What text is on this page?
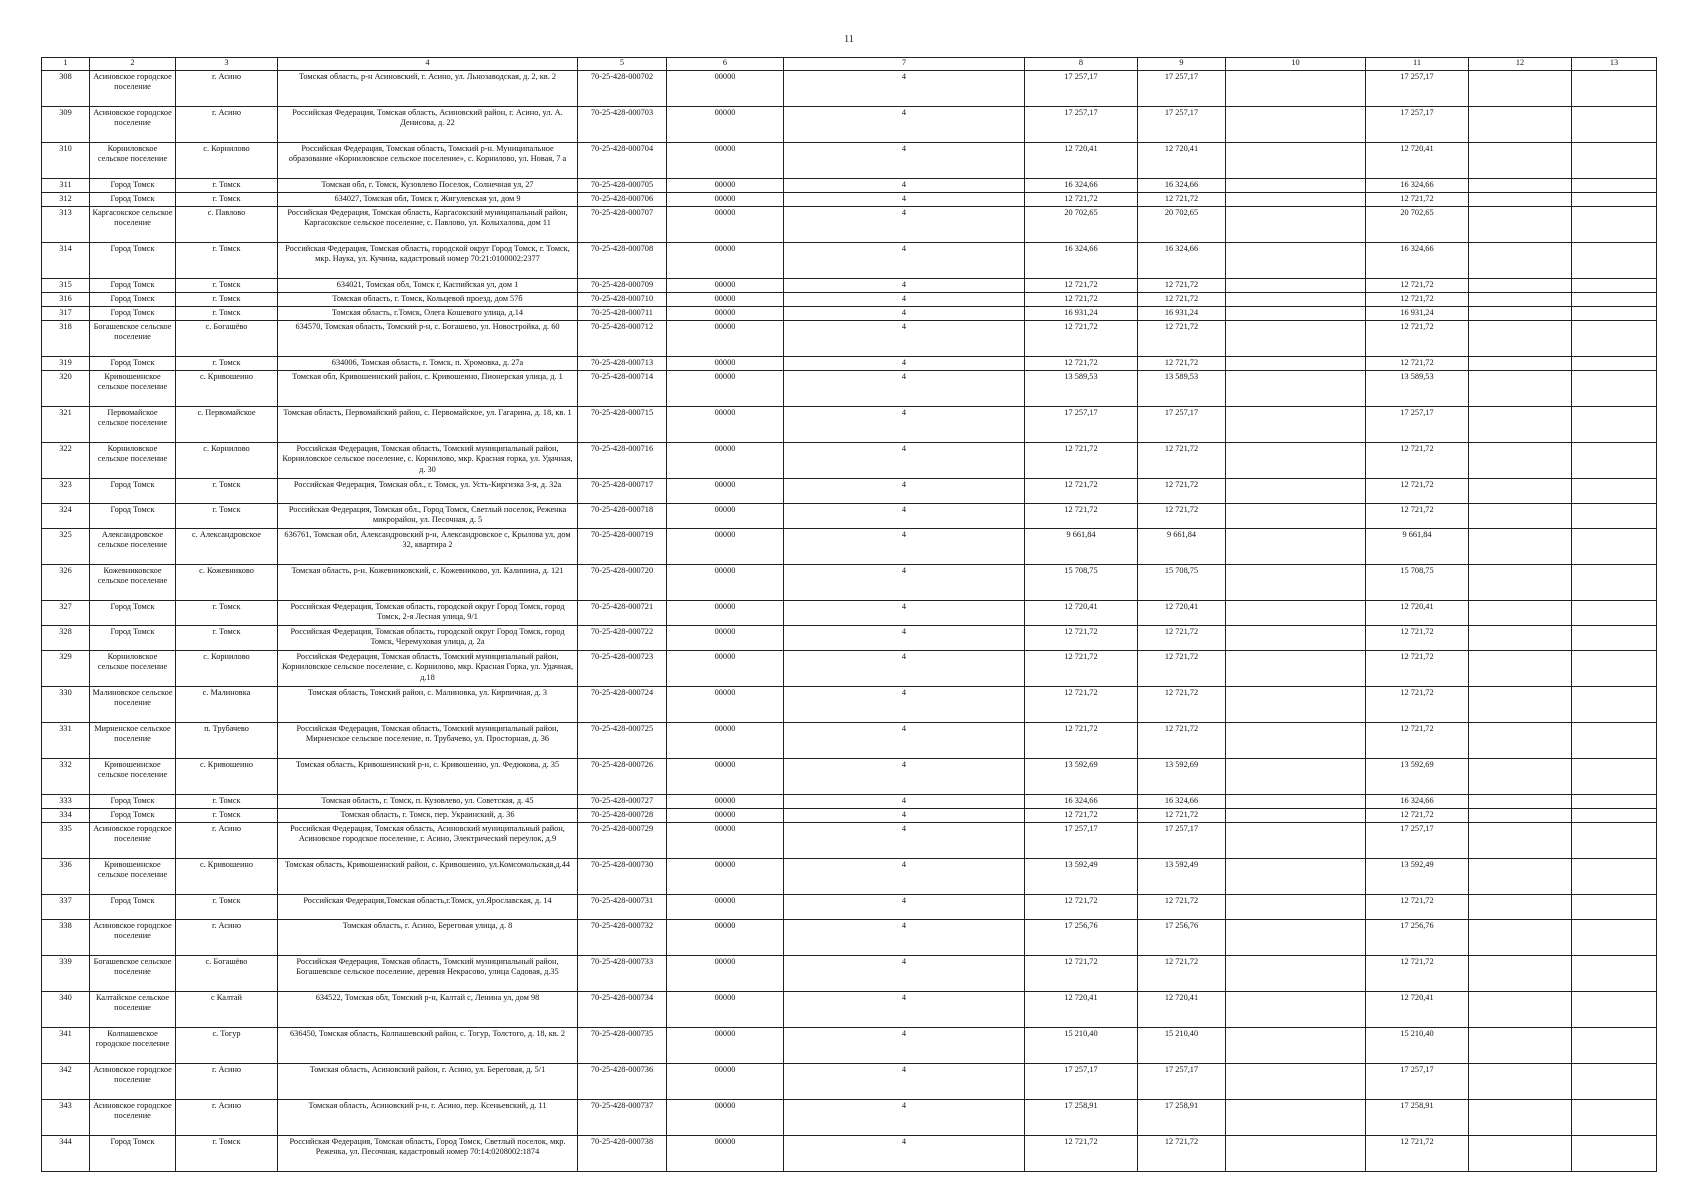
11
1	2	3	4	5	6	7	8	9	10	11	12	13
308	Асиновское городское поселение	г. Асино	Томская область, р-н Асиновский, г. Асино, ул. Льнозаводская, д. 2, кв. 2	70-25-428-000702	00000	4	17 257,17	17 257,17		17 257,17		
309	Асиновское городское поселение	г. Асино	Российская Федерация, Томская область, Асиновский район, г. Асино, ул. А. Денисова, д. 22	70-25-428-000703	00000	4	17 257,17	17 257,17		17 257,17		
310	Корниловское сельское поселение	с. Корнилово	Российская Федерация, Томская область, Томский р-н. Муниципальное образование «Корниловское сельское поселение», с. Корнилово, ул. Новая, 7 а	70-25-428-000704	00000	4	12 720,41	12 720,41		12 720,41		
311	Город Томск	г. Томск	Томская обл, г. Томск, Кузовлево Поселок, Солнечная ул, 27	70-25-428-000705	00000	4	16 324,66	16 324,66		16 324,66		
312	Город Томск	г. Томск	634027, Томская обл, Томск г, Жигулевская ул, дом 9	70-25-428-000706	00000	4	12 721,72	12 721,72		12 721,72		
313	Каргасокское сельское поселение	с. Павлово	Российская Федерация, Томская область, Каргасокский муниципальный район, Каргасокское сельское поселение, с. Павлово, ул. Колыхалова, дом 11	70-25-428-000707	00000	4	20 702,65	20 702,65		20 702,65		
314	Город Томск	г. Томск	Российская Федерация, Томская область, городской округ Город Томск, г. Томск, мкр. Наука, ул. Кучина, кадастровый номер 70:21:0100002:2377	70-25-428-000708	00000	4	16 324,66	16 324,66		16 324,66		
315	Город Томск	г. Томск	634021, Томская обл, Томск г, Каспийская ул, дом 1	70-25-428-000709	00000	4	12 721,72	12 721,72		12 721,72		
316	Город Томск	г. Томск	Томская область, г. Томск, Кольцевой проезд, дом 57б	70-25-428-000710	00000	4	12 721,72	12 721,72		12 721,72		
317	Город Томск	г. Томск	Томская область, г.Томск, Олега Кошевого улица, д.14	70-25-428-000711	00000	4	16 931,24	16 931,24		16 931,24		
318	Богашевское сельское поселение	с. Богашёво	634570, Томская область, Томский р-н, с. Богашево, ул. Новостройка, д. 60	70-25-428-000712	00000	4	12 721,72	12 721,72		12 721,72		
319	Город Томск	г. Томск	634006, Томская область, г. Томск, п. Хромовка, д. 27а	70-25-428-000713	00000	4	12 721,72	12 721,72		12 721,72		
320	Кривошеинское сельское поселение	с. Кривошеино	Томская обл, Кривошеинский район, с. Кривошеино, Пионерская улица, д. 1	70-25-428-000714	00000	4	13 589,53	13 589,53		13 589,53		
321	Первомайское сельское поселение	с. Первомайское	Томская область, Первомайский район, с. Первомайское, ул. Гагарина, д. 18, кв. 1	70-25-428-000715	00000	4	17 257,17	17 257,17		17 257,17		
322	Корниловское сельское поселение	с. Корнилово	Российская Федерация, Томская область, Томский муниципальный район, Корниловское сельское поселение, с. Корнилово, мкр. Красная горка, ул. Удачная, д. 30	70-25-428-000716	00000	4	12 721,72	12 721,72		12 721,72		
323	Город Томск	г. Томск	Российская Федерация, Томская обл., г. Томск, ул. Усть-Киргизка 3-я, д. 32а	70-25-428-000717	00000	4	12 721,72	12 721,72		12 721,72		
324	Город Томск	г. Томск	Российская Федерация, Томская обл., Город Томск, Светлый поселок, Реженка микрорайон, ул. Песочная, д. 5	70-25-428-000718	00000	4	12 721,72	12 721,72		12 721,72		
325	Александровское сельское поселение	с. Александровское	636761, Томская обл, Александровский р-н, Александровское с, Крылова ул, дом 32, квартира 2	70-25-428-000719	00000	4	9 661,84	9 661,84		9 661,84		
326	Кожевниковское сельское поселение	с. Кожевниково	Томская область, р-н. Кожевниковский, с. Кожевниково, ул. Калинина, д. 121	70-25-428-000720	00000	4	15 708,75	15 708,75		15 708,75		
327	Город Томск	г. Томск	Российская Федерация, Томская область, городской округ Город Томск, город Томск, 2-я Лесная улица, 9/1	70-25-428-000721	00000	4	12 720,41	12 720,41		12 720,41		
328	Город Томск	г. Томск	Российская Федерация, Томская область, городской округ Город Томск, город Томск, Черемуховая улица, д. 2а	70-25-428-000722	00000	4	12 721,72	12 721,72		12 721,72		
329	Корниловское сельское поселение	с. Корнилово	Российская Федерация, Томская область, Томский муниципальный район, Корниловское сельское поселение, с. Корнилово, мкр. Красная Горка, ул. Удачная, д.18	70-25-428-000723	00000	4	12 721,72	12 721,72		12 721,72		
330	Малиновское сельское поселение	с. Малиновка	Томская область, Томский район, с. Малиновка, ул. Кирпичная, д. 3	70-25-428-000724	00000	4	12 721,72	12 721,72		12 721,72		
331	Мирненское сельское поселение	п. Трубачево	Российская Федерация, Томская область, Томский муниципальный район, Мирненское сельское поселение, п. Трубачево, ул. Просторная, д. 36	70-25-428-000725	00000	4	12 721,72	12 721,72		12 721,72		
332	Кривошеинское сельское поселение	с. Кривошеино	Томская область, Кривошеинский р-н, с. Кривошеино, ул. Федюкова, д. 35	70-25-428-000726	00000	4	13 592,69	13 592,69		13 592,69		
333	Город Томск	г. Томск	Томская область, г. Томск, п. Кузовлево, ул. Советская, д. 45	70-25-428-000727	00000	4	16 324,66	16 324,66		16 324,66		
334	Город Томск	г. Томск	Томская область, г. Томск, пер. Украинский, д. 36	70-25-428-000728	00000	4	12 721,72	12 721,72		12 721,72		
335	Асиновское городское поселение	г. Асино	Российская Федерация, Томская область, Асиновский муниципальный район, Асиновское городское поселение, г. Асино, Электрический переулок, д.9	70-25-428-000729	00000	4	17 257,17	17 257,17		17 257,17		
336	Кривошеинское сельское поселение	с. Кривошеино	Томская область, Кривошеинский район, с. Кривошеино, ул.Комсомольская,д.44	70-25-428-000730	00000	4	13 592,49	13 592,49		13 592,49		
337	Город Томск	г. Томск	Российская Федерация,Томская область,г.Томск, ул.Ярославская, д. 14	70-25-428-000731	00000	4	12 721,72	12 721,72		12 721,72		
338	Асиновское городское поселение	г. Асино	Томская область, г. Асино, Береговая улица, д. 8	70-25-428-000732	00000	4	17 256,76	17 256,76		17 256,76		
339	Богашевское сельское поселение	с. Богашёво	Российская Федерация, Томская область, Томский муниципальный район, Богашевское сельское поселение, деревня Некрасово, улица Садовая, д.35	70-25-428-000733	00000	4	12 721,72	12 721,72		12 721,72		
340	Калтайское сельское поселение	с Калтай	634522, Томская обл, Томский р-н, Калтай с, Ленина ул, дом 98	70-25-428-000734	00000	4	12 720,41	12 720,41		12 720,41		
341	Колпашевское городское поселение	с. Тогур	636450, Томская область, Колпашевский район, с. Тогур, Толстого, д. 18, кв. 2	70-25-428-000735	00000	4	15 210,40	15 210,40		15 210,40		
342	Асиновское городское поселение	г. Асино	Томская область, Асиновский район, г. Асино, ул. Береговая, д. 5/1	70-25-428-000736	00000	4	17 257,17	17 257,17		17 257,17		
343	Асиновское городское поселение	г. Асино	Томская область, Асиновский р-н, г. Асино, пер. Ксеньевский, д. 11	70-25-428-000737	00000	4	17 258,91	17 258,91		17 258,91		
344	Город Томск	г. Томск	Российская Федерация, Томская область, Город Томск, Светлый поселок, мкр. Реженка, ул. Песочная, кадастровый номер 70:14:0208002:1874	70-25-428-000738	00000	4	12 721,72	12 721,72		12 721,72		
